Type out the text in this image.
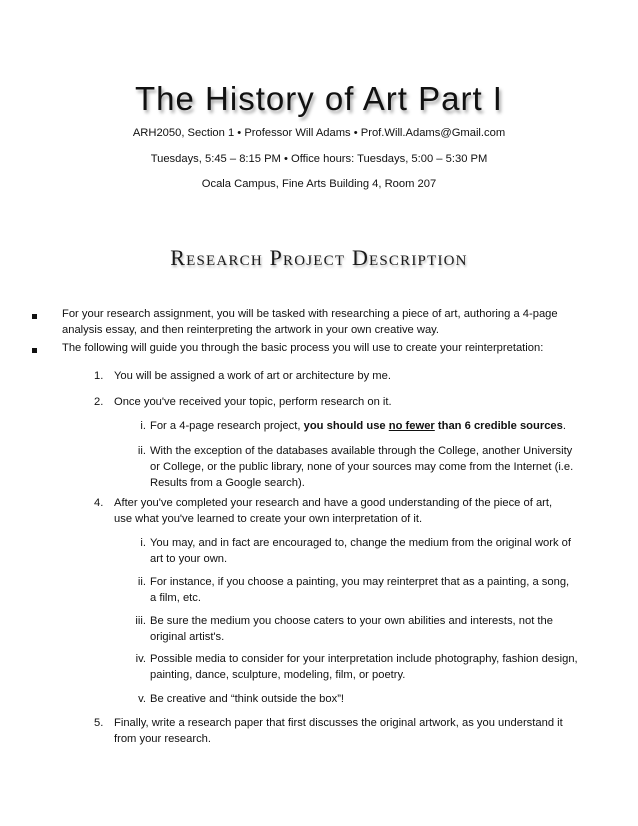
The History of Art Part I

ARH2050, Section 1 • Professor Will Adams • Prof.Will.Adams@Gmail.com

Tuesdays, 5:45 – 8:15 PM • Office hours: Tuesdays, 5:00 – 5:30 PM

Ocala Campus, Fine Arts Building 4, Room 207

Research Project Description

For your research assignment, you will be tasked with researching a piece of art, authoring a 4-page

analysis essay, and then reinterpreting the artwork in your own creative way.

The following will guide you through the basic process you will use to create your reinterpretation:

1. You will be assigned a work of art or architecture by me.

2. Once you've received your topic, perform research on it.

i. For a 4-page research project, you should use no fewer than 6 credible sources.

ii. With the exception of the databases available through the College, another University

or College, or the public library, none of your sources may come from the Internet (i.e.

Results from a Google search).

4. After you've completed your research and have a good understanding of the piece of art,

use what you've learned to create your own interpretation of it.

i. You may, and in fact are encouraged to, change the medium from the original work of

art to your own.

ii. For instance, if you choose a painting, you may reinterpret that as a painting, a song,

a film, etc.

iii. Be sure the medium you choose caters to your own abilities and interests, not the

original artist's.

iv. Possible media to consider for your interpretation include photography, fashion design,

painting, dance, sculpture, modeling, film, or poetry.

v. Be creative and “think outside the box”!

5. Finally, write a research paper that first discusses the original artwork, as you understand it

from your research.
